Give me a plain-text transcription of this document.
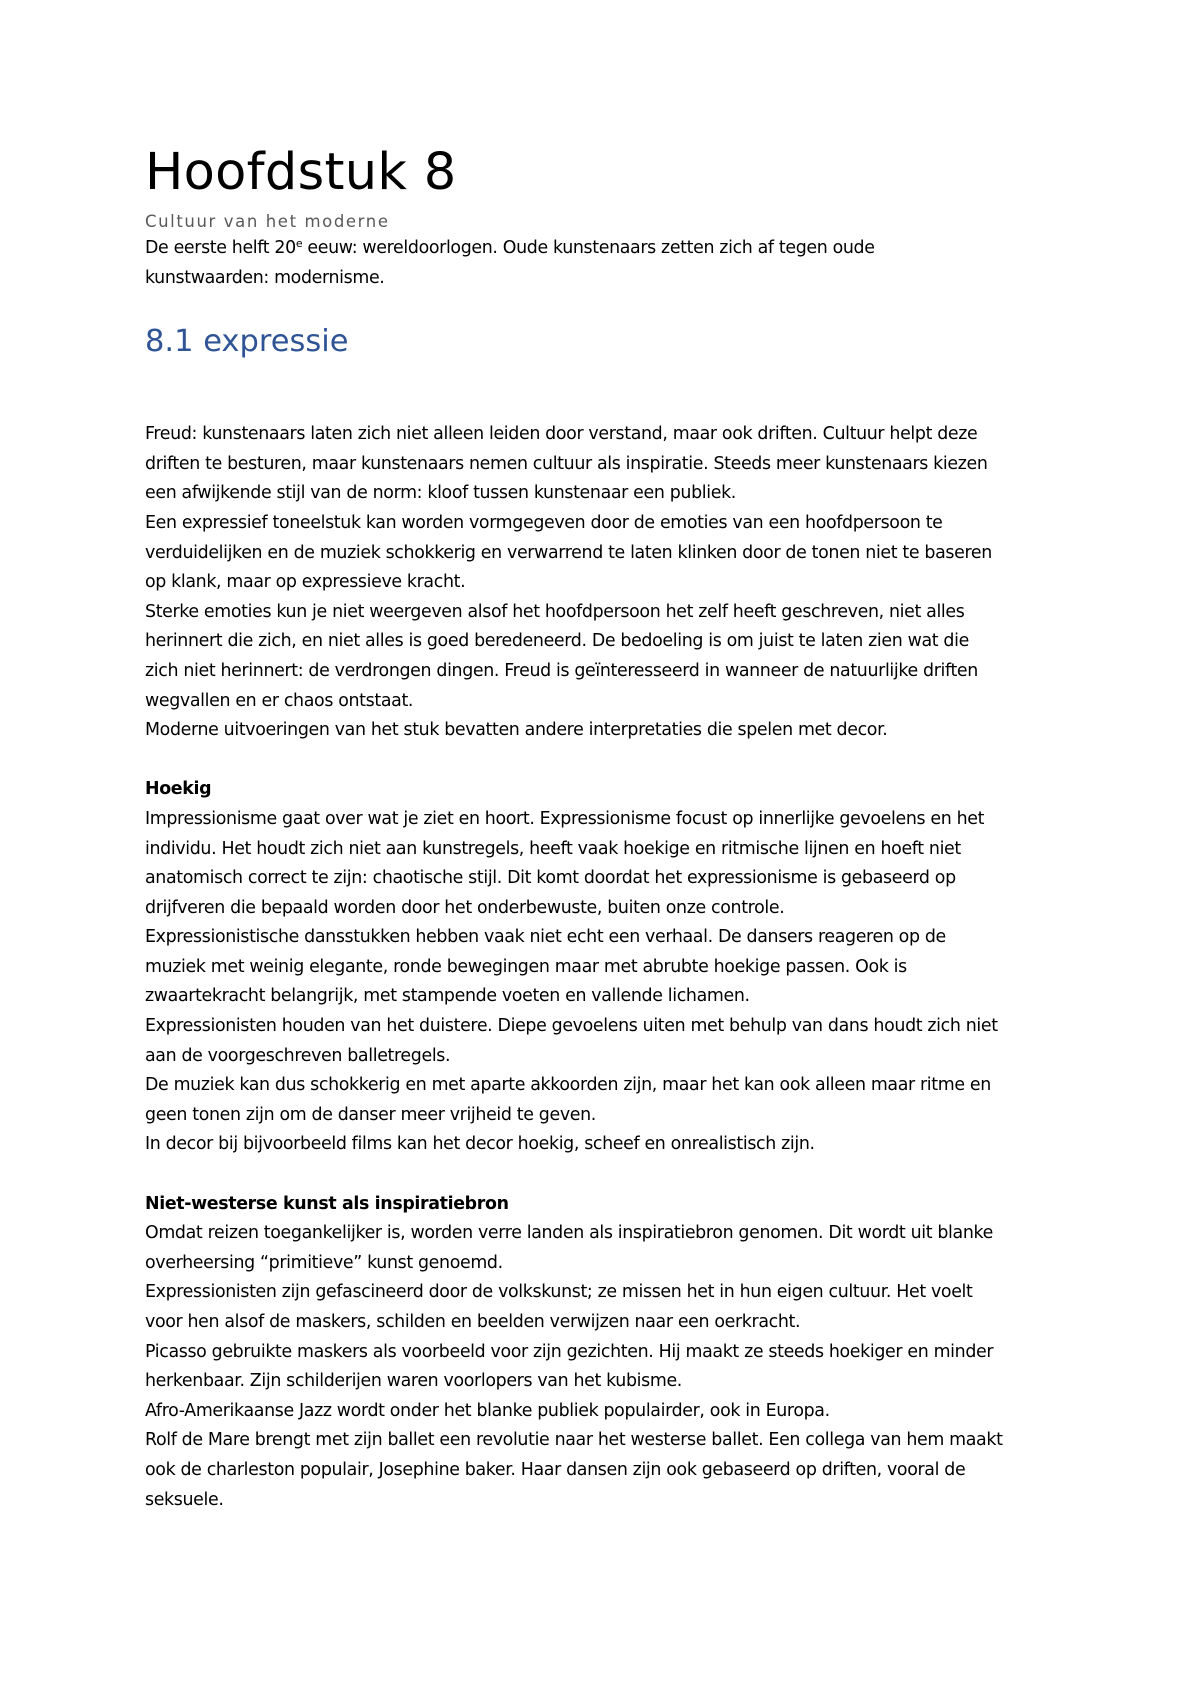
Hoofdstuk 8
Cultuur van het moderne

De eerste helft 20e eeuw: wereldoorlogen. Oude kunstenaars zetten zich af tegen oude

kunstwaarden: modernisme.

8.1 expressie

Freud: kunstenaars laten zich niet alleen leiden door verstand, maar ook driften. Cultuur helpt deze

driften te besturen, maar kunstenaars nemen cultuur als inspiratie. Steeds meer kunstenaars kiezen

een afwijkende stijl van de norm: kloof tussen kunstenaar een publiek.

Een expressief toneelstuk kan worden vormgegeven door de emoties van een hoofdpersoon te

verduidelijken en de muziek schokkerig en verwarrend te laten klinken door de tonen niet te baseren

op klank, maar op expressieve kracht.

Sterke emoties kun je niet weergeven alsof het hoofdpersoon het zelf heeft geschreven, niet alles

herinnert die zich, en niet alles is goed beredeneerd. De bedoeling is om juist te laten zien wat die

zich niet herinnert: de verdrongen dingen. Freud is geïnteresseerd in wanneer de natuurlijke driften

wegvallen en er chaos ontstaat.

Moderne uitvoeringen van het stuk bevatten andere interpretaties die spelen met decor.

Hoekig

Impressionisme gaat over wat je ziet en hoort. Expressionisme focust op innerlijke gevoelens en het

individu. Het houdt zich niet aan kunstregels, heeft vaak hoekige en ritmische lijnen en hoeft niet

anatomisch correct te zijn: chaotische stijl. Dit komt doordat het expressionisme is gebaseerd op

drijfveren die bepaald worden door het onderbewuste, buiten onze controle.

Expressionistische dansstukken hebben vaak niet echt een verhaal. De dansers reageren op de

muziek met weinig elegante, ronde bewegingen maar met abrubte hoekige passen. Ook is

zwaartekracht belangrijk, met stampende voeten en vallende lichamen.

Expressionisten houden van het duistere. Diepe gevoelens uiten met behulp van dans houdt zich niet

aan de voorgeschreven balletregels.

De muziek kan dus schokkerig en met aparte akkoorden zijn, maar het kan ook alleen maar ritme en

geen tonen zijn om de danser meer vrijheid te geven.

In decor bij bijvoorbeeld films kan het decor hoekig, scheef en onrealistisch zijn.

Niet-westerse kunst als inspiratiebron

Omdat reizen toegankelijker is, worden verre landen als inspiratiebron genomen. Dit wordt uit blanke

overheersing “primitieve” kunst genoemd.

Expressionisten zijn gefascineerd door de volkskunst; ze missen het in hun eigen cultuur. Het voelt

voor hen alsof de maskers, schilden en beelden verwijzen naar een oerkracht.

Picasso gebruikte maskers als voorbeeld voor zijn gezichten. Hij maakt ze steeds hoekiger en minder

herkenbaar. Zijn schilderijen waren voorlopers van het kubisme.

Afro-Amerikaanse Jazz wordt onder het blanke publiek populairder, ook in Europa.

Rolf de Mare brengt met zijn ballet een revolutie naar het westerse ballet. Een collega van hem maakt

ook de charleston populair, Josephine baker. Haar dansen zijn ook gebaseerd op driften, vooral de

seksuele.
